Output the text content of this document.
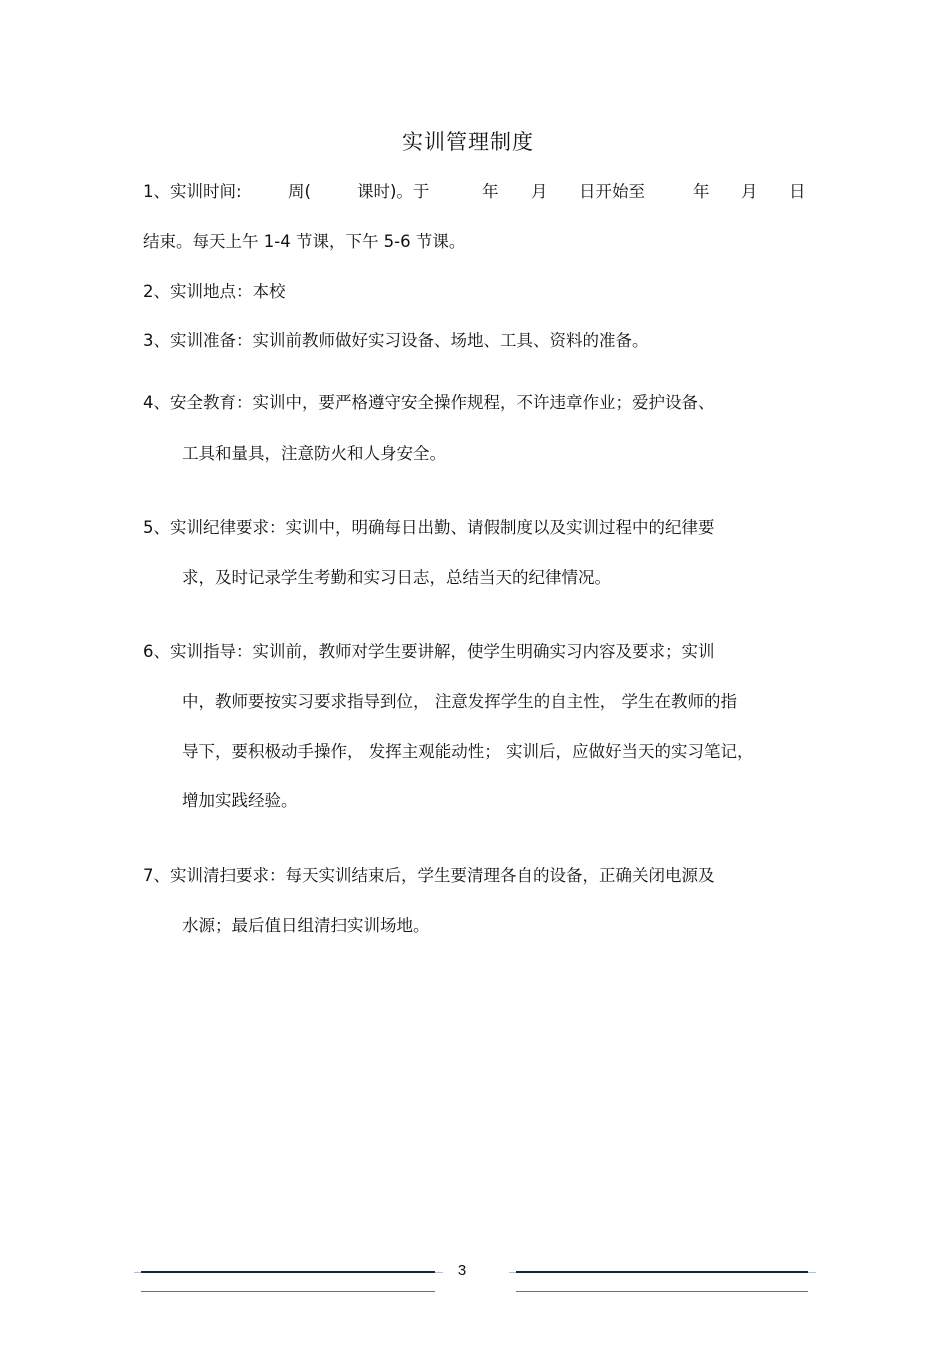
实训管理制度
1、实训时间:	周(	课时)。于	年 月 日开始至	年 月 日

结束。每天上午 1-4 节课，下午 5-6 节课。

2、实训地点：本校

3、实训准备：实训前教师做好实习设备、场地、工具、资料的准备。

4、安全教育：实训中，要严格遵守安全操作规程，不许违章作业；爱护设备、

工具和量具，注意防火和人身安全。

5、实训纪律要求：实训中，明确每日出勤、请假制度以及实训过程中的纪律要

求，及时记录学生考勤和实习日志，总结当天的纪律情况。

6、实训指导：实训前，教师对学生要讲解，使学生明确实习内容及要求；实训

中，教师要按实习要求指导到位， 注意发挥学生的自主性， 学生在教师的指

导下，要积极动手操作， 发挥主观能动性； 实训后，应做好当天的实习笔记，

增加实践经验。

7、实训清扫要求：每天实训结束后，学生要清理各自的设备，正确关闭电源及

水源；最后值日组清扫实训场地。

3
